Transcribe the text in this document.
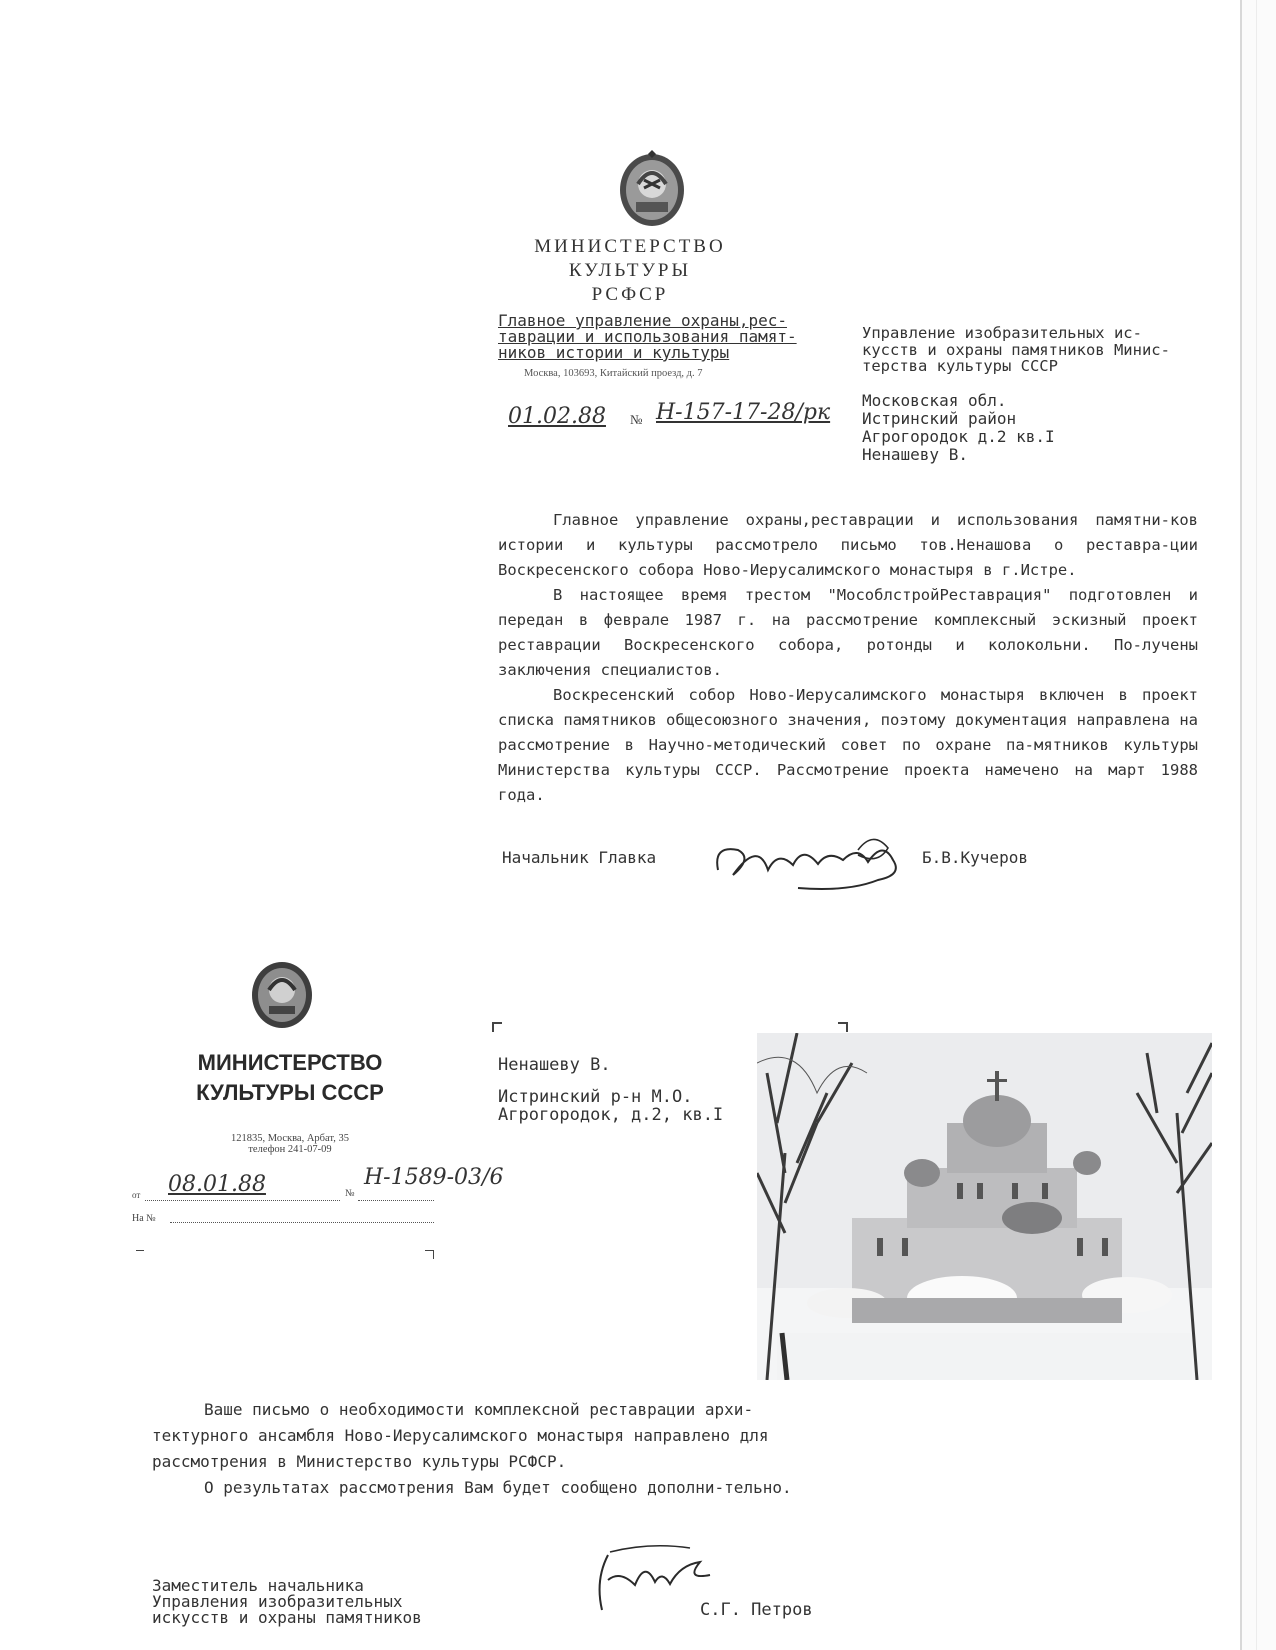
МИНИСТЕРСТВО
КУЛЬТУРЫ
РСФСР
Главное управление охраны,рес-
таврации и использования памят-
ников истории и культуры
Москва, 103693, Китайский проезд, д. 7
Управление изобразительных ис-
кусств и охраны памятников Минис-
терства культуры СССР
Московская обл.
Истринский район
Агрогородок д.2 кв.I
Ненашеву В.
01.02.88 № Н-157-17-28/рк

Главное управление охраны,реставрации и использования памятни-ков истории и культуры рассмотрело письмо тов.Ненашова о реставра-ции Воскресенского собора Ново-Иерусалимского монастыря в г.Истре.

В настоящее время трестом "МособлстройРеставрация" подготовлен и передан в феврале 1987 г. на рассмотрение комплексный эскизный проект реставрации Воскресенского собора, ротонды и колокольни. По-лучены заключения специалистов.

Воскресенский собор Ново-Иерусалимского монастыря включен в проект списка памятников общесоюзного значения, поэтому документация направлена на рассмотрение в Научно-методический совет по охране па-мятников культуры Министерства культуры СССР. Рассмотрение проекта намечено на март 1988 года.

Начальник Главка	Б.В.Кучеров
МИНИСТЕРСТВО
КУЛЬТУРЫ СССР
121835, Москва, Арбат, 35
телефон 241-07-09
от 08.01.88	№
Н-1589-03/6
На №
Ненашеву В.
Истринский р-н М.О.
Агрогородок, д.2, кв.I

Ваше письмо о необходимости комплексной реставрации архи-тектурного ансамбля Ново-Иерусалимского монастыря направлено для рассмотрения в Министерство культуры РСФСР.

О результатах рассмотрения Вам будет сообщено дополни-тельно.

Заместитель начальника
Управления изобразительных
искусств и охраны памятников	С.Г. Петров
